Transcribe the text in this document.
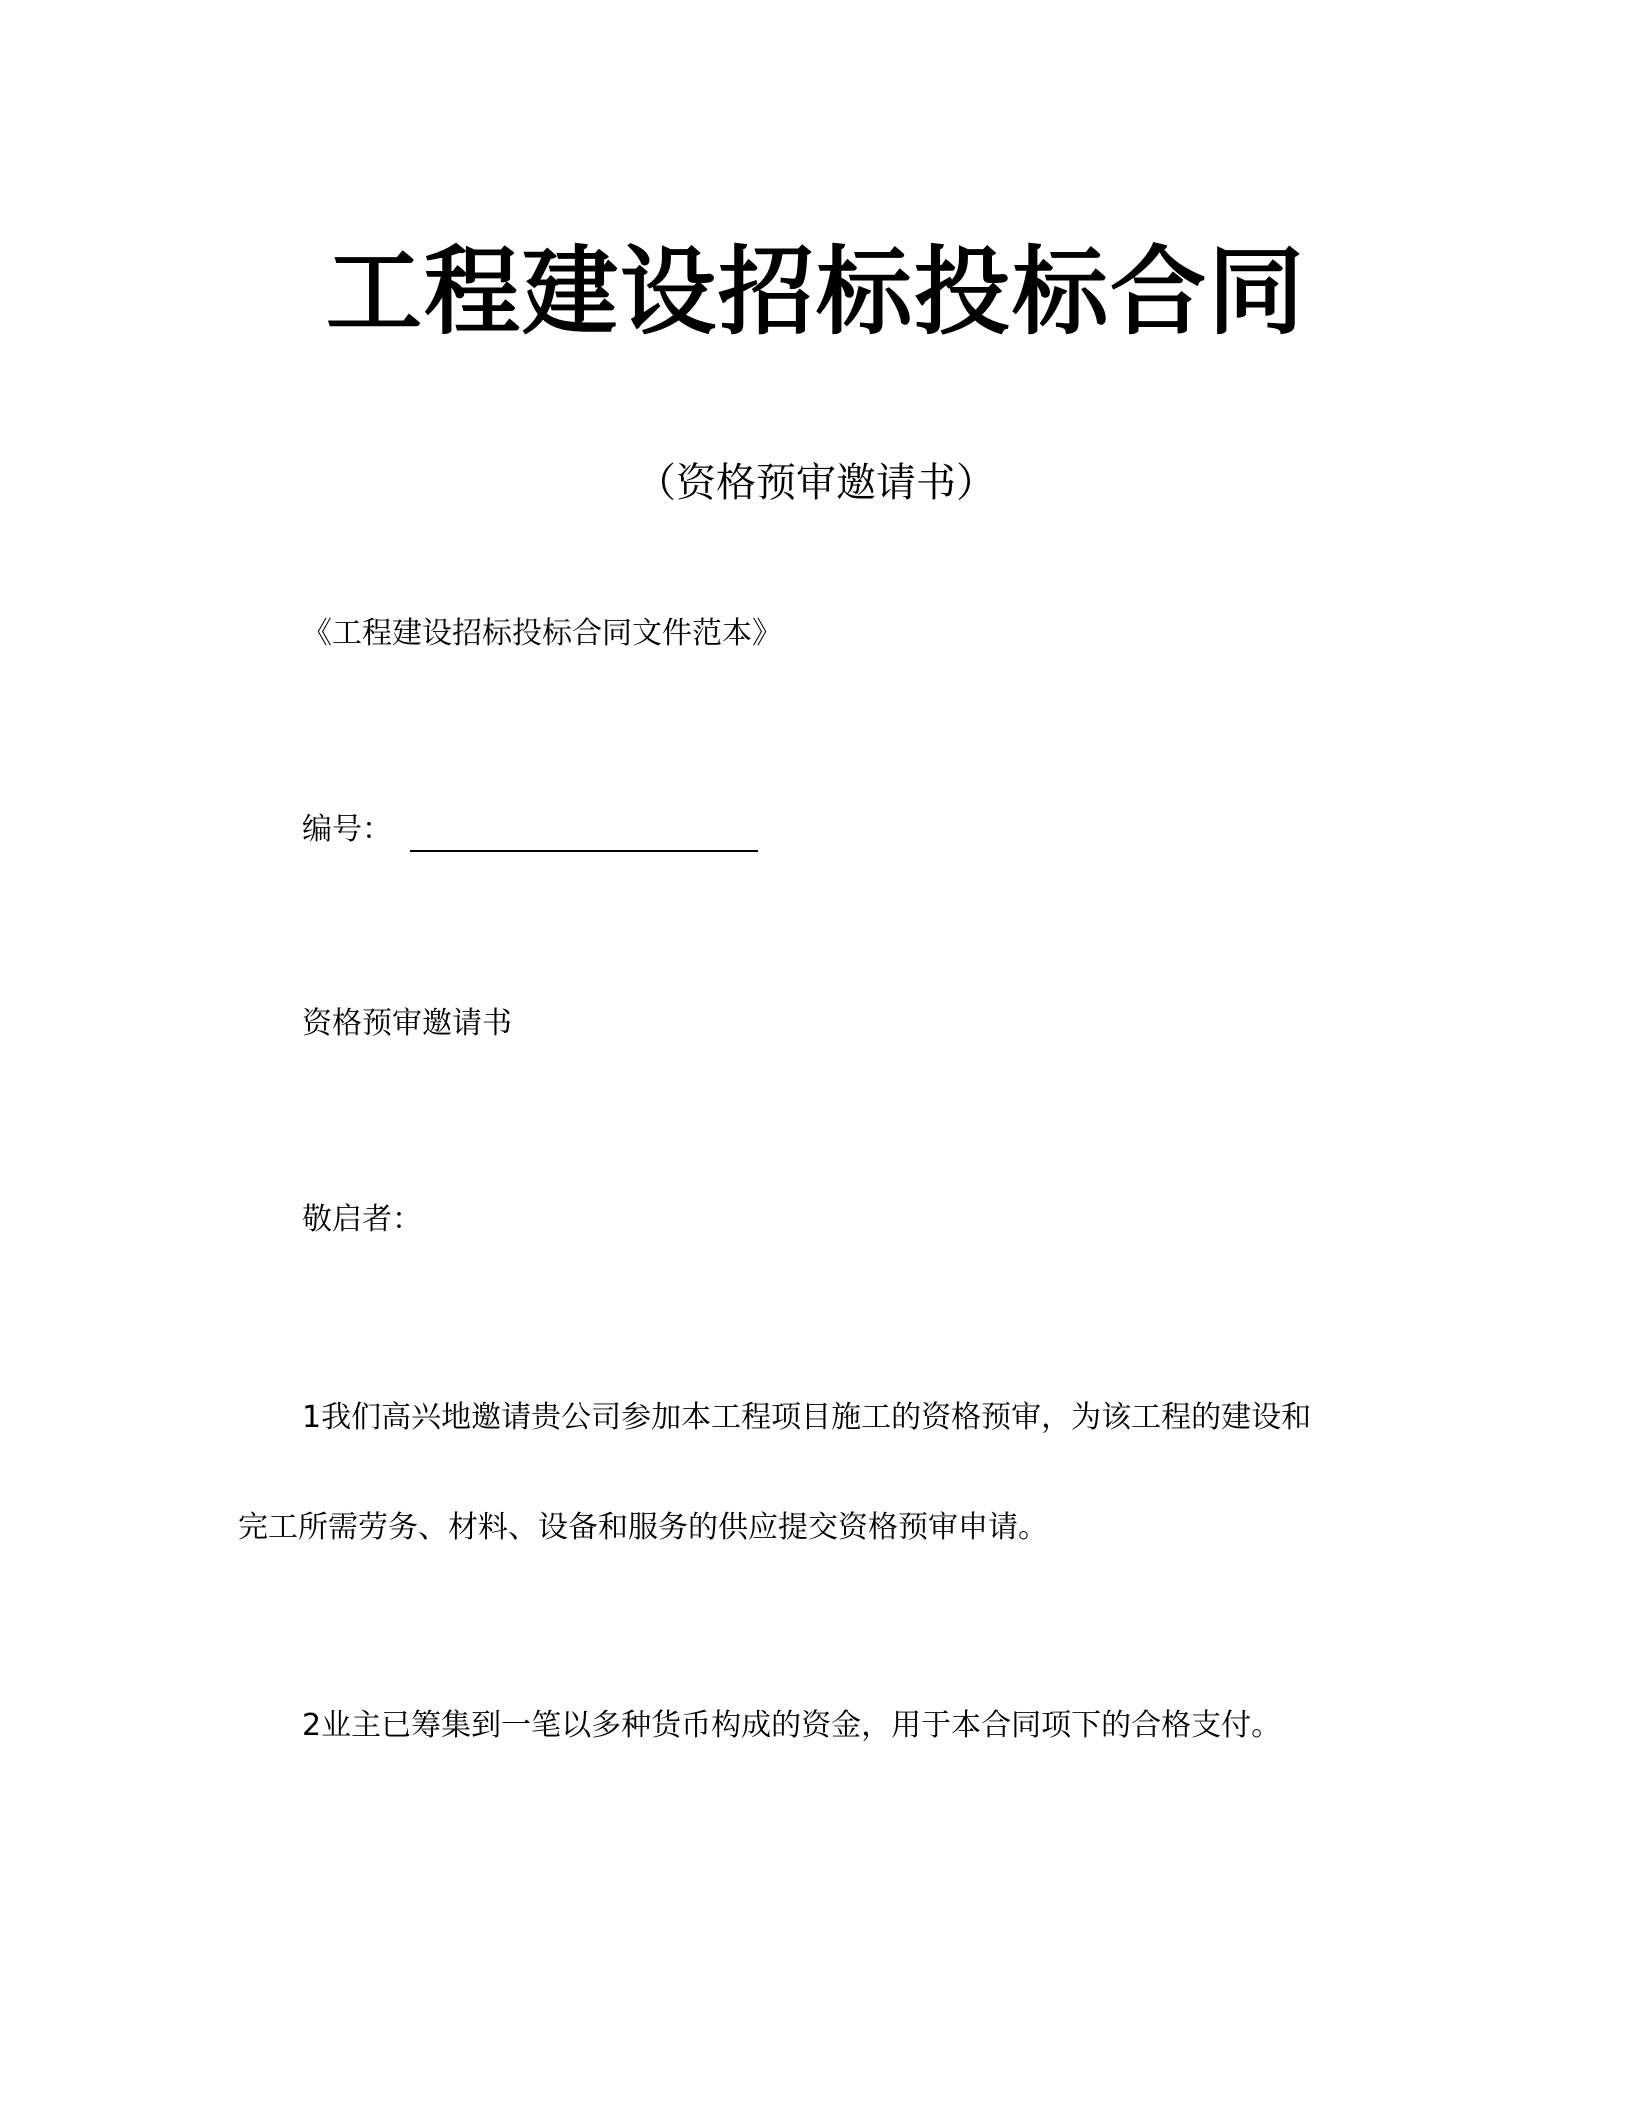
工程建设招标投标合同

（资格预审邀请书）

《工程建设招标投标合同文件范本》

编号：

资格预审邀请书

敬启者：

1我们高兴地邀请贵公司参加本工程项目施工的资格预审，为该工程的建设和

完工所需劳务、材料、设备和服务的供应提交资格预审申请。

2业主已筹集到一笔以多种货币构成的资金，用于本合同项下的合格支付。
